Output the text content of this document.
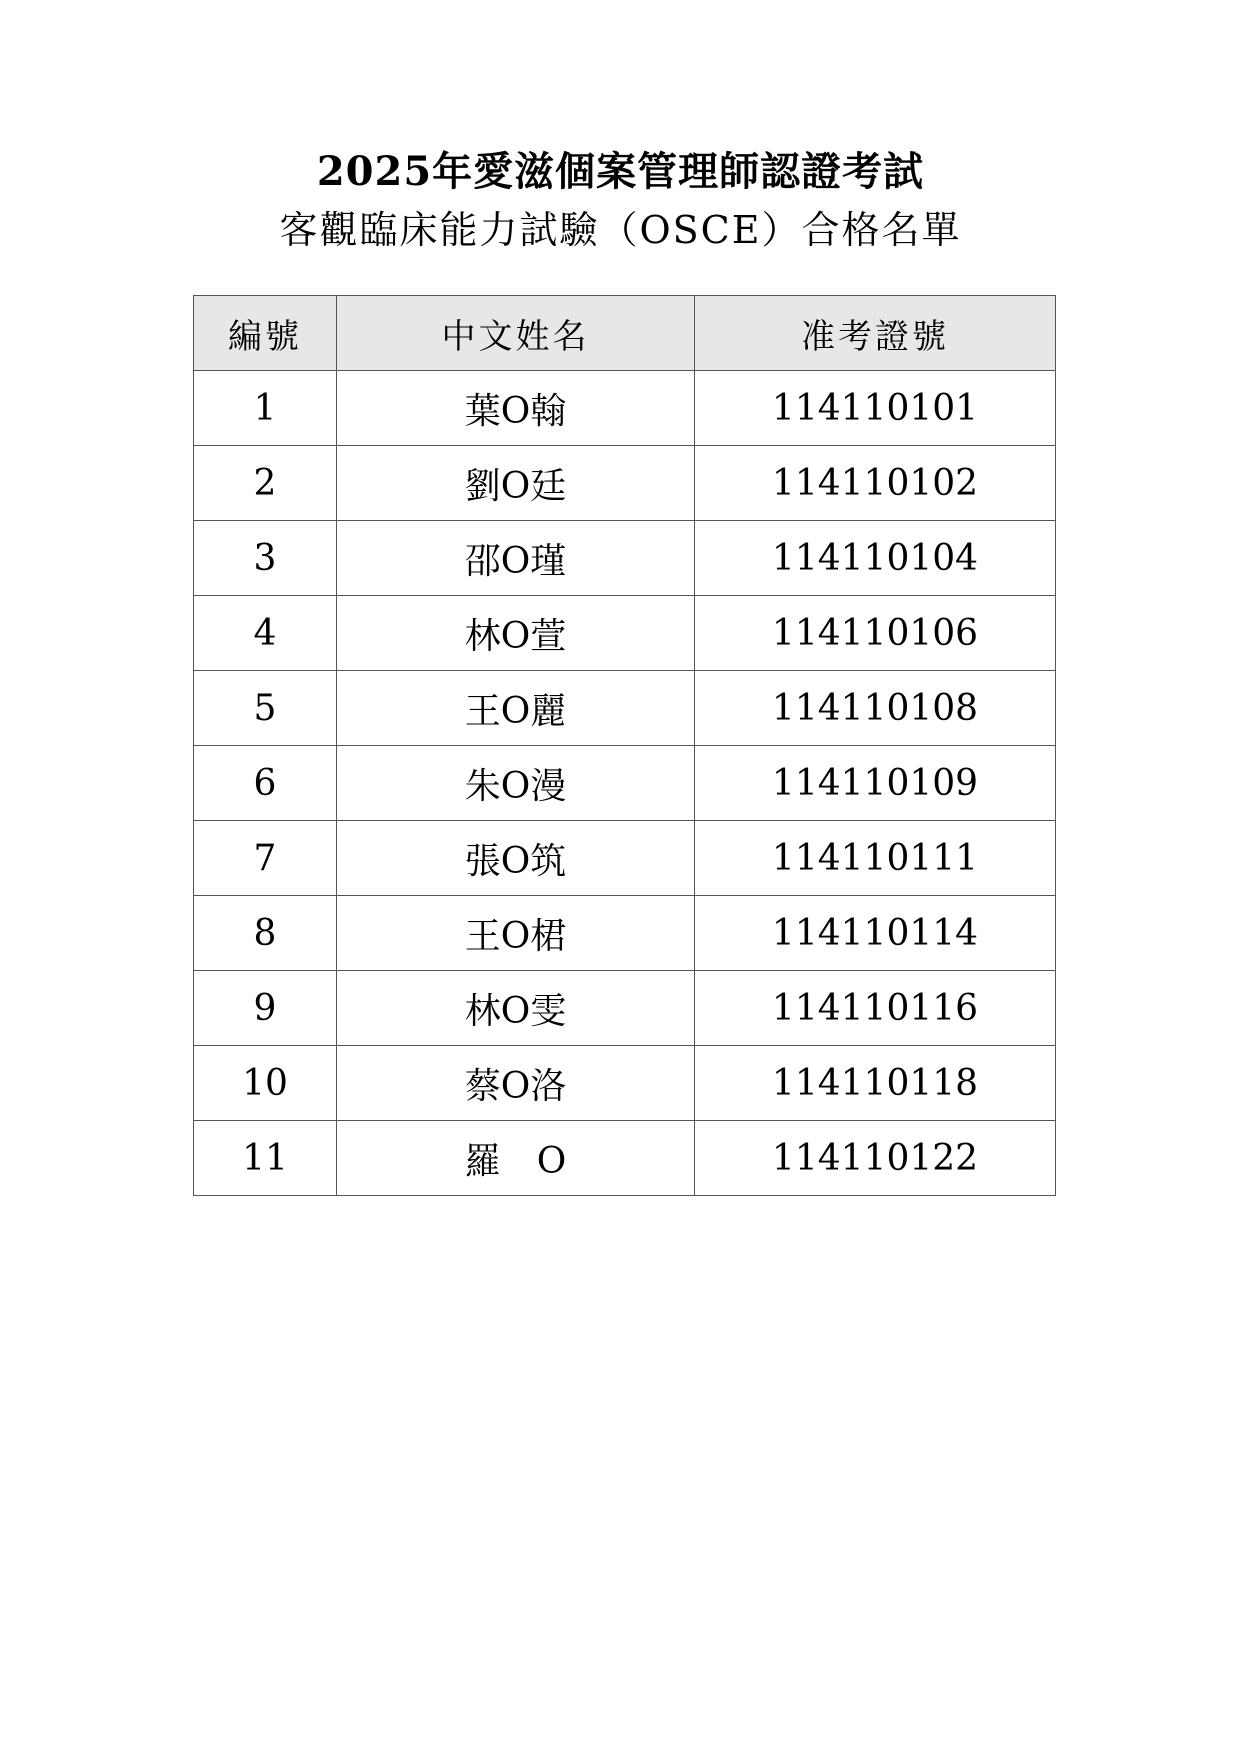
2025年愛滋個案管理師認證考試
客觀臨床能力試驗（OSCE）合格名單
編號	中文姓名	准考證號
1	葉O翰	114110101
2	劉O廷	114110102
3	邵O瑾	114110104
4	林O萱	114110106
5	王O麗	114110108
6	朱O漫	114110109
7	張O筑	114110111
8	王O桾	114110114
9	林O雯	114110116
10	蔡O洛	114110118
11	羅　O	114110122
